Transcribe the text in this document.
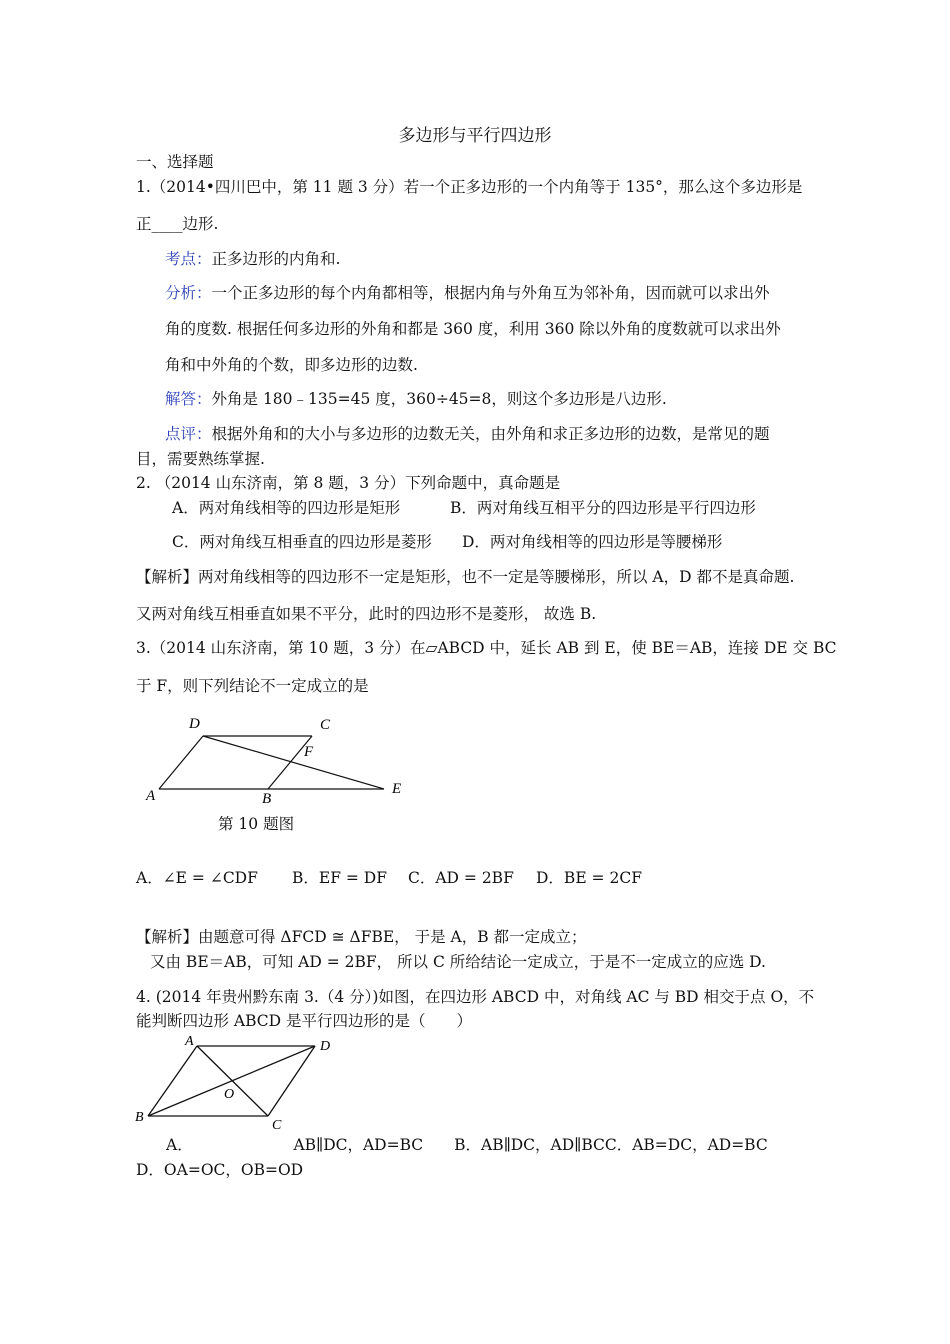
多边形与平行四边形
一、选择题
1.（2014•四川巴中，第 11 题 3 分）若一个正多边形的一个内角等于 135°，那么这个多边形是
正____边形.
考点：正多边形的内角和.
分析：一个正多边形的每个内角都相等，根据内角与外角互为邻补角，因而就可以求出外
角的度数. 根据任何多边形的外角和都是 360 度，利用 360 除以外角的度数就可以求出外
角和中外角的个数，即多边形的边数.
解答：外角是 180﹣135=45 度，360÷45=8，则这个多边形是八边形.
点评：根据外角和的大小与多边形的边数无关，由外角和求正多边形的边数，是常见的题
目，需要熟练掌握.
2. （2014 山东济南，第 8 题，3 分）下列命题中，真命题是
A．两对角线相等的四边形是矩形	B．两对角线互相平分的四边形是平行四边形
C．两对角线互相垂直的四边形是菱形 D．两对角线相等的四边形是等腰梯形
【解析】两对角线相等的四边形不一定是矩形，也不一定是等腰梯形，所以 A，D 都不是真命题.
又两对角线互相垂直如果不平分，此时的四边形不是菱形， 故选 B.
3.（2014 山东济南，第 10 题，3 分）在▱ABCD 中，延长 AB 到 E，使 BE＝AB，连接 DE 交 BC
于 F，则下列结论不一定成立的是
D	C
F
A	B
E
A	D
O
B
C
第 10 题图
A．∠E = ∠CDF B．EF = DF C．AD = 2BF D．BE = 2CF
【解析】由题意可得 ΔFCD ≅ ΔFBE， 于是 A，B 都一定成立；
又由 BE＝AB，可知 AD = 2BF， 所以 C 所给结论一定成立，于是不一定成立的应选 D.
4. (2014 年贵州黔东南 3.（4 分）)如图，在四边形 ABCD 中，对角线 AC 与 BD 相交于点 O，不
能判断四边形 ABCD 是平行四边形的是（　　）
A．　　　　　　　AB∥DC，AD=BC　　B．AB∥DC，AD∥BCC．AB=DC，AD=BC
D．OA=OC，OB=OD
